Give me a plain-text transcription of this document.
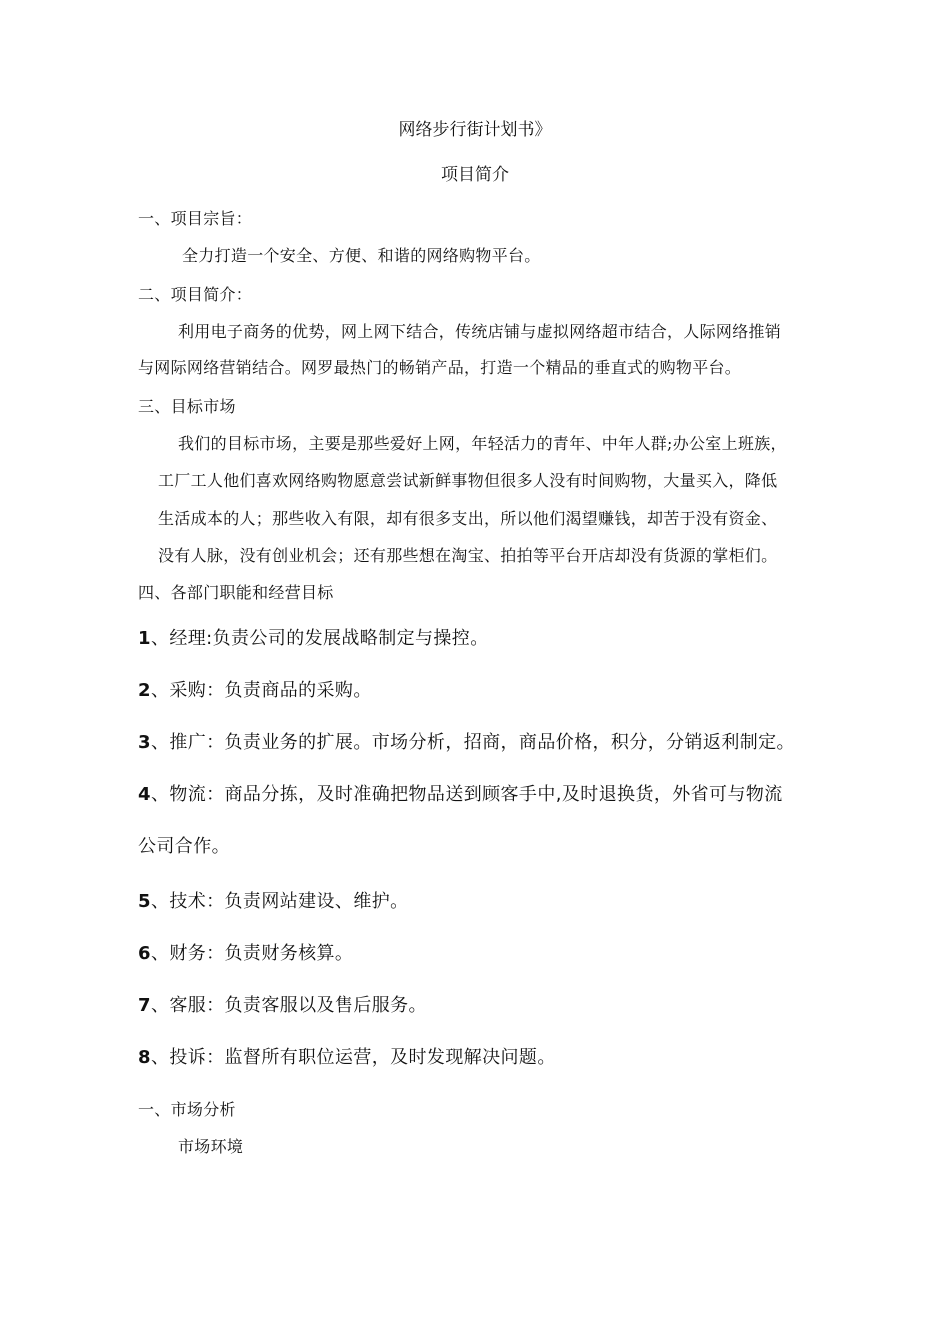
网络步行街计划书》
项目简介
一、项目宗旨：
全力打造一个安全、方便、和谐的网络购物平台。
二、项目简介：
利用电子商务的优势，网上网下结合，传统店铺与虚拟网络超市结合，人际网络推销
与网际网络营销结合。网罗最热门的畅销产品，打造一个精品的垂直式的购物平台。
三、目标市场
我们的目标市场，主要是那些爱好上网，年轻活力的青年、中年人群;办公室上班族，
工厂工人他们喜欢网络购物愿意尝试新鲜事物但很多人没有时间购物，大量买入，降低
生活成本的人；那些收入有限，却有很多支出，所以他们渴望赚钱，却苦于没有资金、
没有人脉，没有创业机会；还有那些想在淘宝、拍拍等平台开店却没有货源的掌柜们。
四、各部门职能和经营目标
1、经理:负责公司的发展战略制定与操控。
2、采购：负责商品的采购。
3、推广：负责业务的扩展。市场分析，招商，商品价格，积分，分销返利制定。
4、物流：商品分拣，及时准确把物品送到顾客手中,及时退换货，外省可与物流
公司合作。
5、技术：负责网站建设、维护。
6、财务：负责财务核算。
7、客服：负责客服以及售后服务。
8、投诉：监督所有职位运营，及时发现解决问题。
一、市场分析
市场环境
